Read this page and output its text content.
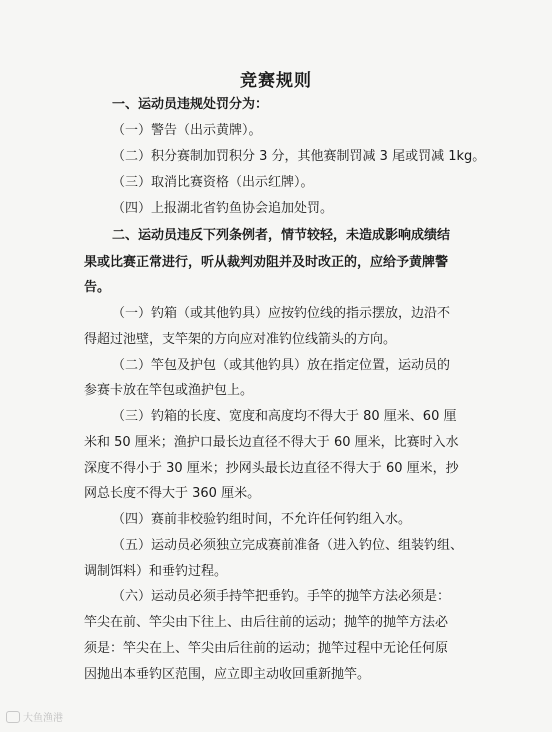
竞赛规则
一、运动员违规处罚分为：
（一）警告（出示黄牌）。
（二）积分赛制加罚积分 3 分，其他赛制罚减 3 尾或罚减 1kg。
（三）取消比赛资格（出示红牌）。
（四）上报湖北省钓鱼协会追加处罚。
二、运动员违反下列条例者，情节较轻，未造成影响成绩结
果或比赛正常进行，听从裁判劝阻并及时改正的，应给予黄牌警
告。
（一）钓箱（或其他钓具）应按钓位线的指示摆放，边沿不
得超过池壁，支竿架的方向应对准钓位线箭头的方向。
（二）竿包及护包（或其他钓具）放在指定位置，运动员的
参赛卡放在竿包或渔护包上。
（三）钓箱的长度、宽度和高度均不得大于 80 厘米、60 厘
米和 50 厘米；渔护口最长边直径不得大于 60 厘米，比赛时入水
深度不得小于 30 厘米；抄网头最长边直径不得大于 60 厘米，抄
网总长度不得大于 360 厘米。
（四）赛前非校验钓组时间，不允许任何钓组入水。
（五）运动员必须独立完成赛前准备（进入钓位、组装钓组、
调制饵料）和垂钓过程。
（六）运动员必须手持竿把垂钓。手竿的抛竿方法必须是：
竿尖在前、竿尖由下往上、由后往前的运动；抛竿的抛竿方法必
须是：竿尖在上、竿尖由后往前的运动；抛竿过程中无论任何原
因抛出本垂钓区范围，应立即主动收回重新抛竿。
大鱼渔港
